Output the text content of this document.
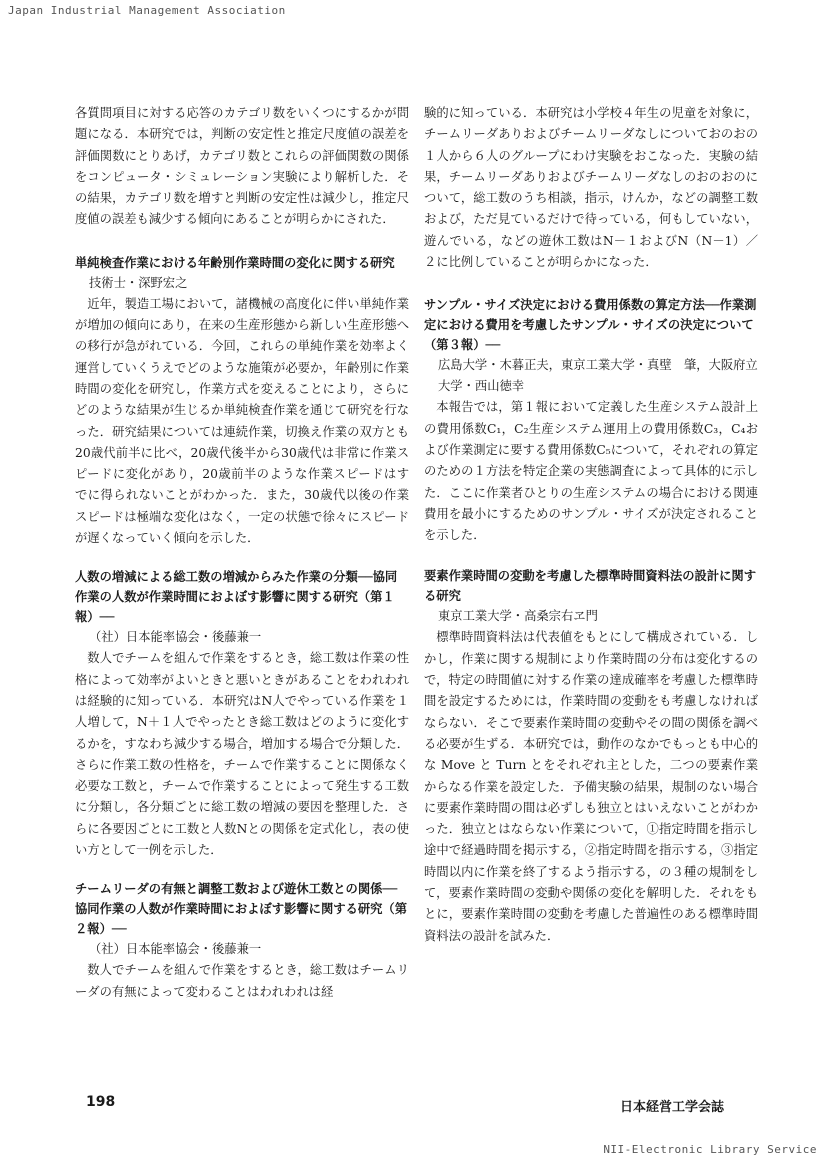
Japan Industrial Management Association

各質問項目に対する応答のカテゴリ数をいくつにするかが問題になる．本研究では，判断の安定性と推定尺度値の誤差を評価関数にとりあげ，カテゴリ数とこれらの評価関数の関係をコンピュータ・シミュレーション実験により解析した．その結果，カテゴリ数を増すと判断の安定性は減少し，推定尺度値の誤差も減少する傾向にあることが明らかにされた．

単純検査作業における年齢別作業時間の変化に関する研究

技術士・深野宏之

近年，製造工場において，諸機械の高度化に伴い単純作業が増加の傾向にあり，在来の生産形態から新しい生産形態への移行が急がれている．今回，これらの単純作業を効率よく運営していくうえでどのような施策が必要か，年齢別に作業時間の変化を研究し，作業方式を変えることにより，さらにどのような結果が生じるか単純検査作業を通じて研究を行なった．研究結果については連続作業，切換え作業の双方とも20歳代前半に比べ，20歳代後半から30歳代は非常に作業スピードに変化があり，20歳前半のような作業スピードはすでに得られないことがわかった．また，30歳代以後の作業スピードは極端な変化はなく，一定の状態で徐々にスピードが遅くなっていく傾向を示した．

人数の増減による総工数の増減からみた作業の分類──協同作業の人数が作業時間におよぼす影響に関する研究（第１報）──

（社）日本能率協会・後藤兼一

数人でチームを組んで作業をするとき，総工数は作業の性格によって効率がよいときと悪いときがあることをわれわれは経験的に知っている．本研究はN人でやっている作業を１人増して，N＋１人でやったとき総工数はどのように変化するかを，すなわち減少する場合，増加する場合で分類した．さらに作業工数の性格を，チームで作業することに関係なく必要な工数と，チームで作業することによって発生する工数に分類し，各分類ごとに総工数の増減の要因を整理した．さらに各要因ごとに工数と人数Nとの関係を定式化し，表の使い方として一例を示した．

チームリーダの有無と調整工数および遊休工数との関係── 協同作業の人数が作業時間におよぼす影響に関する研究（第２報）──

（社）日本能率協会・後藤兼一

数人でチームを組んで作業をするとき，総工数はチームリーダの有無によって変わることはわれわれは経

験的に知っている．本研究は小学校４年生の児童を対象に，チームリーダありおよびチームリーダなしについておのおの１人から６人のグループにわけ実験をおこなった．実験の結果，チームリーダありおよびチームリーダなしのおのおのについて，総工数のうち相談，指示，けんか，などの調整工数および，ただ見ているだけで待っている，何もしていない，遊んでいる，などの遊休工数はN－１およびN（N－1）／２に比例していることが明らかになった．

サンプル・サイズ決定における費用係数の算定方法──作業測定における費用を考慮したサンプル・サイズの決定について（第３報）──

広島大学・木暮正夫，東京工業大学・真壁　肇，大阪府立大学・西山徳幸

本報告では，第１報において定義した生産システム設計上の費用係数C₁，C₂生産システム運用上の費用係数C₃，C₄および作業測定に要する費用係数C₅について，それぞれの算定のための１方法を特定企業の実態調査によって具体的に示した．ここに作業者ひとりの生産システムの場合における関連費用を最小にするためのサンプル・サイズが決定されることを示した．

要素作業時間の変動を考慮した標準時間資料法の設計に関する研究

東京工業大学・高桑宗右ヱ門

標準時間資料法は代表値をもとにして構成されている．しかし，作業に関する規制により作業時間の分布は変化するので，特定の時間値に対する作業の達成確率を考慮した標準時間を設定するためには，作業時間の変動をも考慮しなければならない．そこで要素作業時間の変動やその間の関係を調べる必要が生ずる．本研究では，動作のなかでもっとも中心的な Move と Turn とをそれぞれ主とした，二つの要素作業からなる作業を設定した．予備実験の結果，規制のない場合に要素作業時間の間は必ずしも独立とはいえないことがわかった．独立とはならない作業について，①指定時間を指示し途中で経過時間を掲示する，②指定時間を指示する，③指定時間以内に作業を終了するよう指示する，の３種の規制をして，要素作業時間の変動や関係の変化を解明した．それをもとに，要素作業時間の変動を考慮した普遍性のある標準時間資料法の設計を試みた．

198	日本経営工学会誌
NII-Electronic Library Service
